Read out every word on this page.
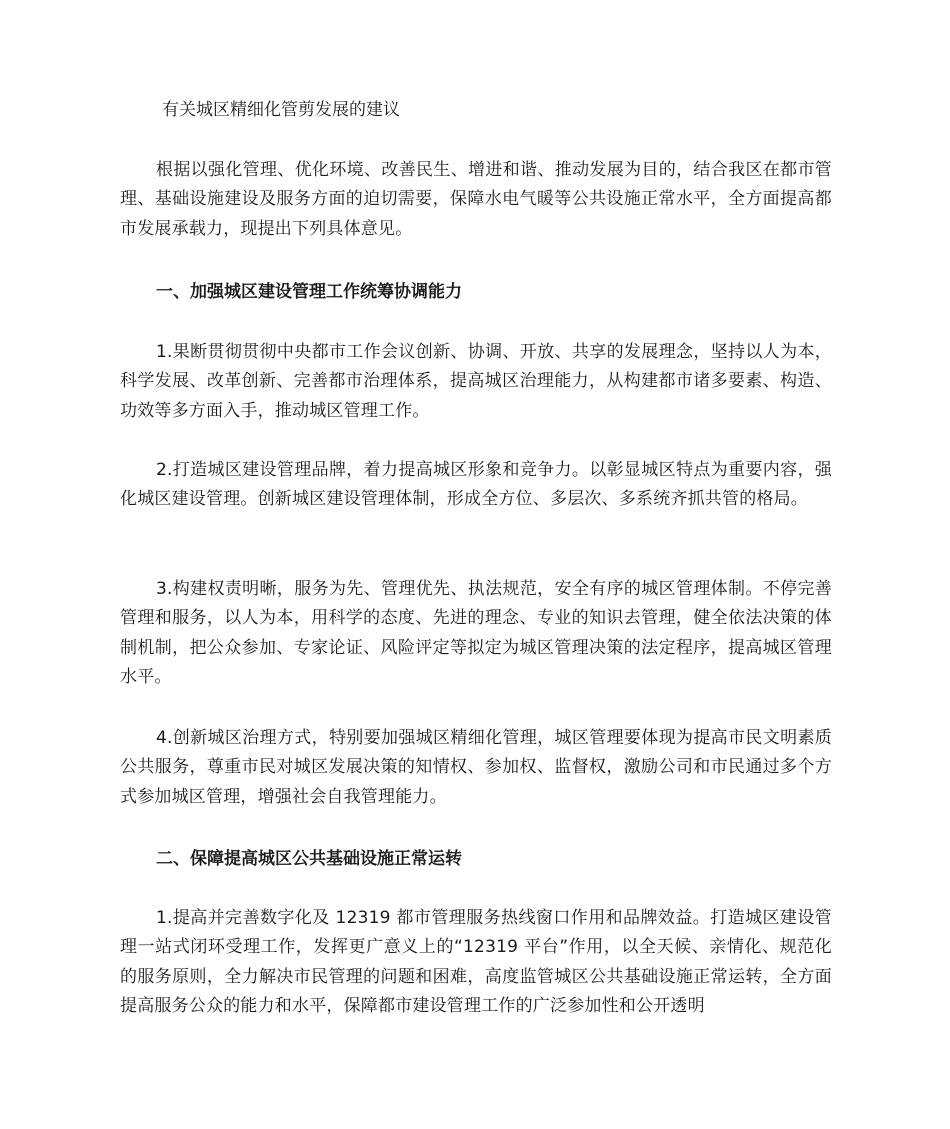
有关城区精细化管剪发展的建议

根据以强化管理、优化环境、改善民生、增进和谐、推动发展为目的，结合我区在都市管理、基础设施建设及服务方面的迫切需要，保障水电气暖等公共设施正常水平，全方面提高都市发展承载力，现提出下列具体意见。

一、加强城区建设管理工作统筹协调能力

1.果断贯彻贯彻中央都市工作会议创新、协调、开放、共享的发展理念，坚持以人为本，科学发展、改革创新、完善都市治理体系，提高城区治理能力，从构建都市诸多要素、构造、功效等多方面入手，推动城区管理工作。

2.打造城区建设管理品牌，着力提高城区形象和竞争力。以彰显城区特点为重要内容，强化城区建设管理。创新城区建设管理体制，形成全方位、多层次、多系统齐抓共管的格局。

3.构建权责明晰，服务为先、管理优先、执法规范，安全有序的城区管理体制。不停完善管理和服务，以人为本，用科学的态度、先进的理念、专业的知识去管理，健全依法决策的体制机制，把公众参加、专家论证、风险评定等拟定为城区管理决策的法定程序，提高城区管理水平。

4.创新城区治理方式，特别要加强城区精细化管理，城区管理要体现为提高市民文明素质公共服务，尊重市民对城区发展决策的知情权、参加权、监督权，激励公司和市民通过多个方式参加城区管理，增强社会自我管理能力。

二、保障提高城区公共基础设施正常运转

1.提高并完善数字化及 12319 都市管理服务热线窗口作用和品牌效益。打造城区建设管理一站式闭环受理工作，发挥更广意义上的“12319 平台”作用，以全天候、亲情化、规范化的服务原则，全力解决市民管理的问题和困难，高度监管城区公共基础设施正常运转，全方面提高服务公众的能力和水平，保障都市建设管理工作的广泛参加性和公开透明
